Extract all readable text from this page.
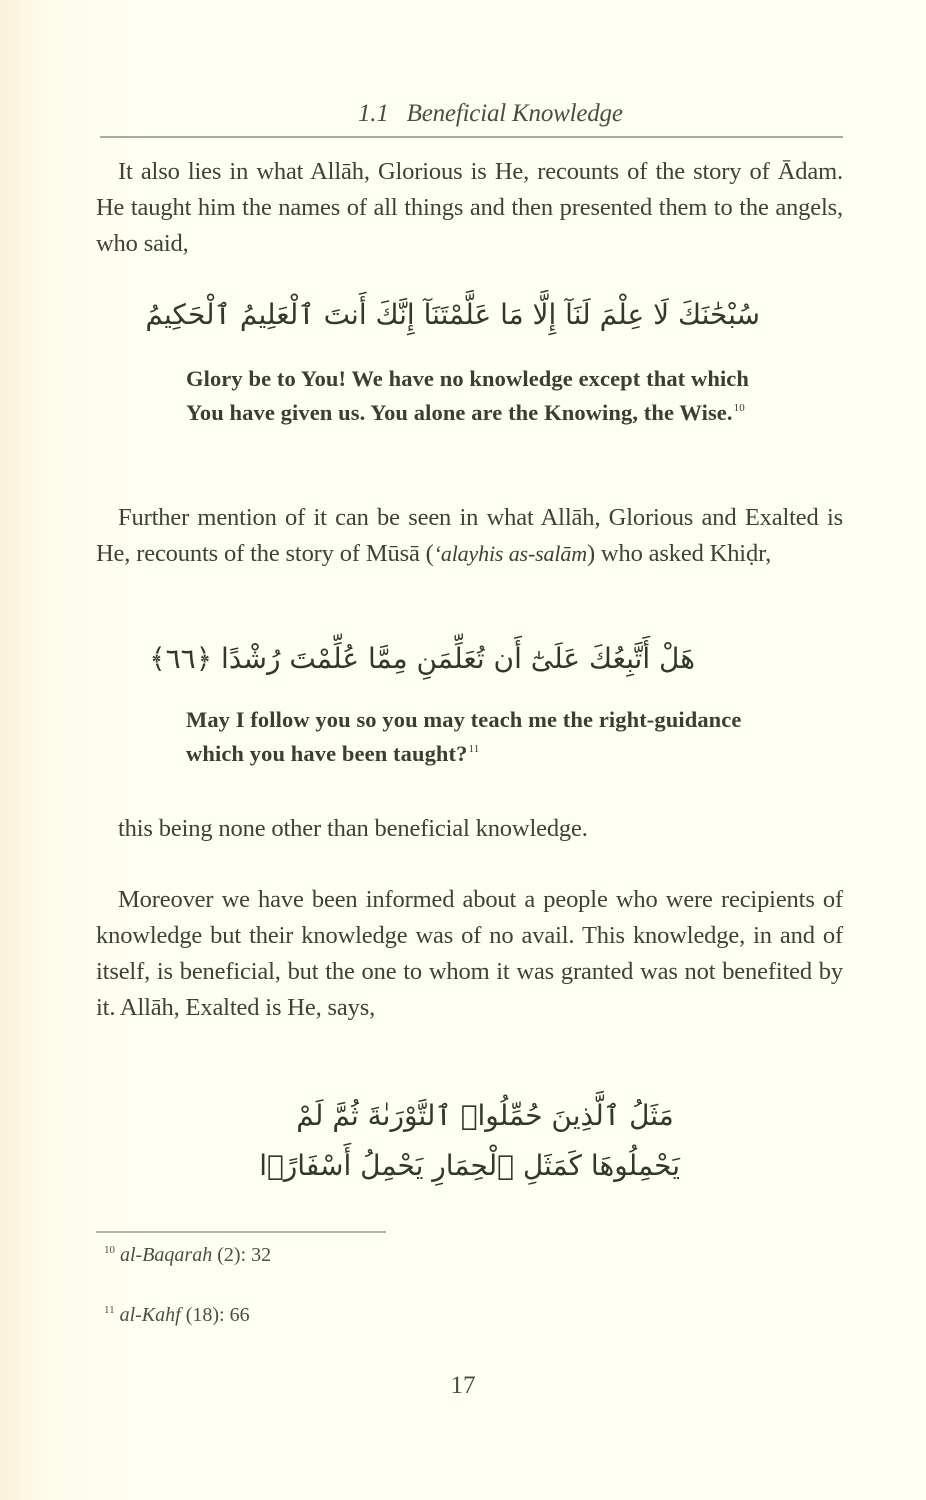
1.1 Beneficial Knowledge

It also lies in what Allāh, Glorious is He, recounts of the story of Ādam. He taught him the names of all things and then presented them to the angels, who said,

سُبْحَٰنَكَ لَا عِلْمَ لَنَآ إِلَّا مَا عَلَّمْتَنَآ إِنَّكَ أَنتَ ٱلْعَلِيمُ ٱلْحَكِيمُ

Glory be to You! We have no knowledge except that which You have given us. You alone are the Knowing, the Wise.$^{10}$

Further mention of it can be seen in what Allāh, Glorious and Exalted is He, recounts of the story of Mūsā (‘alayhis as-salām) who asked Khiḍr,

هَلْ أَتَّبِعُكَ عَلَىٰٓ أَن تُعَلِّمَنِ مِمَّا عُلِّمْتَ رُشْدًا ﴿٦٦﴾

May I follow you so you may teach me the right-guidance which you have been taught?$^{11}$

this being none other than beneficial knowledge.

Moreover we have been informed about a people who were recipients of knowledge but their knowledge was of no avail. This knowledge, in and of itself, is beneficial, but the one to whom it was granted was not benefited by it. Allāh, Exalted is He, says,

مَثَلُ ٱلَّذِينَ حُمِّلُوا۟ ٱلتَّوْرَىٰةَ ثُمَّ لَمْ
يَحْمِلُوهَا كَمَثَلِ ٱلْحِمَارِ يَحْمِلُ أَسْفَارًۢا
$^{10}$ al-Baqarah (2): 32
$^{11}$ al-Kahf (18): 66
17
